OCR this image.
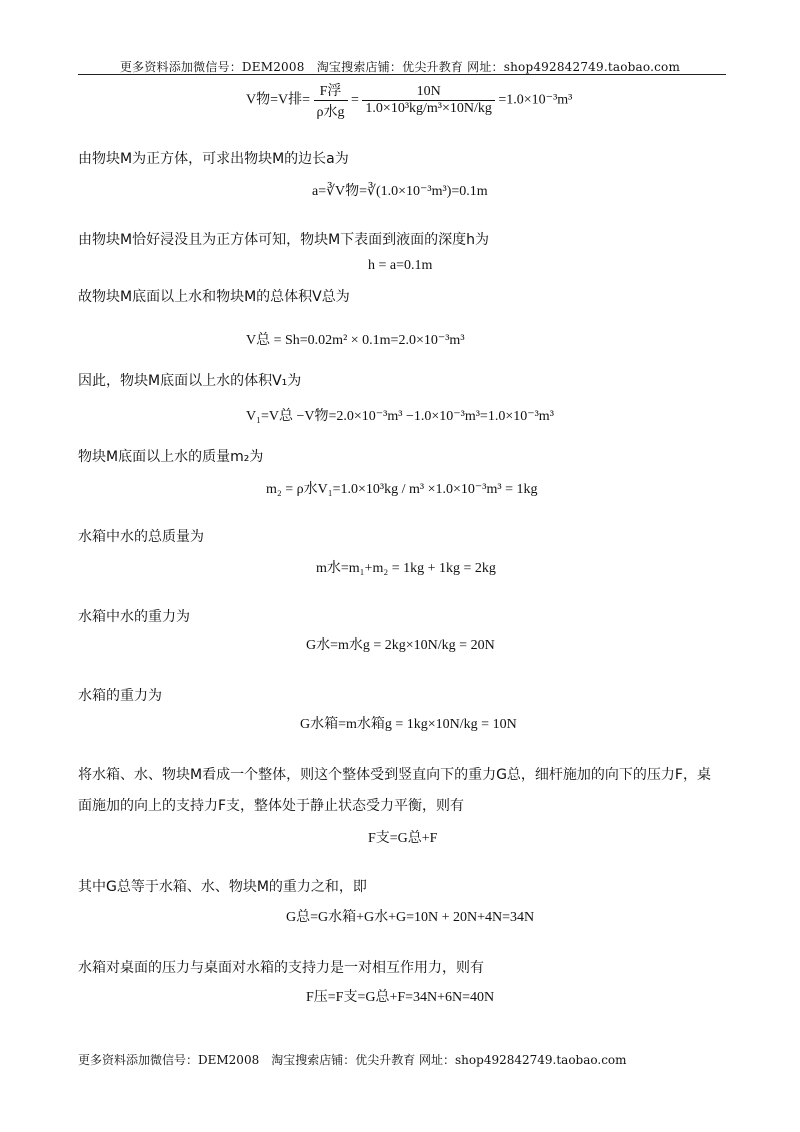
更多资料添加微信号：DEM2008　淘宝搜索店铺：优尖升教育 网址：shop492842749.taobao.com
V物=V排= $\frac{\text{F浮}}{\text{ρ水g}} = \frac{10N}{\text{1.0×10³kg/m³×10N/kg}} =1.0\times 10^{-3}m^3$
由物块M为正方体，可求出物块M的边长a为
a=∛V物=∛(1.0×10⁻³m³)=0.1m
由物块M恰好浸没且为正方体可知，物块M下表面到液面的深度h为
h = a=0.1m
故物块M底面以上水和物块M的总体积V总为
V总 = Sh=0.02m² × 0.1m=2.0×10⁻³m³
因此，物块M底面以上水的体积V₁为
V₁=V总 −V物=2.0×10⁻³m³ −1.0×10⁻³m³=1.0×10⁻³m³
物块M底面以上水的质量m₂为
m₂ = ρ水V₁=1.0×10³kg / m³ ×1.0×10⁻³m³ = 1kg
水箱中水的总质量为
m水=m₁+m₂ = 1kg + 1kg = 2kg
水箱中水的重力为
G水=m水g = 2kg×10N/kg = 20N
水箱的重力为
G水箱=m水箱g = 1kg×10N/kg = 10N
将水箱、水、物块M看成一个整体，则这个整体受到竖直向下的重力G总，细杆施加的向下的压力F，桌
面施加的向上的支持力F支，整体处于静止状态受力平衡，则有
F支=G总+F
其中G总等于水箱、水、物块M的重力之和，即
G总=G水箱+G水+G=10N + 20N+4N=34N
水箱对桌面的压力与桌面对水箱的支持力是一对相互作用力，则有
F压=F支=G总+F=34N+6N=40N
更多资料添加微信号：DEM2008　淘宝搜索店铺：优尖升教育 网址：shop492842749.taobao.com
